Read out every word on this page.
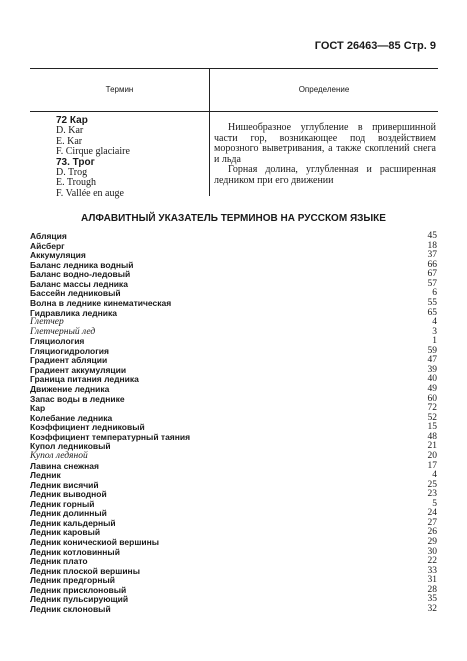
ГОСТ 26463—85 Стр. 9
Термин	Определение
72 Кар
D. Kar
E. Kar
F. Cirque glaciaire
73. Трог
D. Trog
E. Trough
F. Vallée en auge

Нишеобразное углубление в привершинной части гор, возникающее под воздействием морозного выветривания, а также скоплений снега и льда

Горная долина, углубленная и расширенная ледником при его движении

АЛФАВИТНЫЙ УКАЗАТЕЛЬ ТЕРМИНОВ НА РУССКОМ ЯЗЫКЕ
Абляция	45
Айсберг	18
Аккумуляция	37
Баланс ледника водный	66
Баланс водно-ледовый	67
Баланс массы ледника	57
Бассейн ледниковый	6
Волна в леднике кинематическая	55
Гидравлика ледника	65
Глетчер	4
Глетчерный лед	3
Гляциология	1
Гляциогидрология	59
Градиент абляции	47
Градиент аккумуляции	39
Граница питания ледника	40
Движение ледника	49
Запас воды в леднике	60
Кар	72
Колебание ледника	52
Коэффициент ледниковый	15
Коэффициент температурный таяния	48
Купол ледниковый	21
Купол ледяной	20
Лавина снежная	17
Ледник	4
Ледник висячий	25
Ледник выводной	23
Ледник горный	5
Ледник долинный	24
Ледник кальдерный	27
Ледник каровый	26
Ледник коническиой вершины	29
Ледник котловинный	30
Ледник плато	22
Ледник плоской вершины	33
Ледник предгорный	31
Ледник присклоновый	28
Ледник пульсирующий	35
Ледник склоновый	32
